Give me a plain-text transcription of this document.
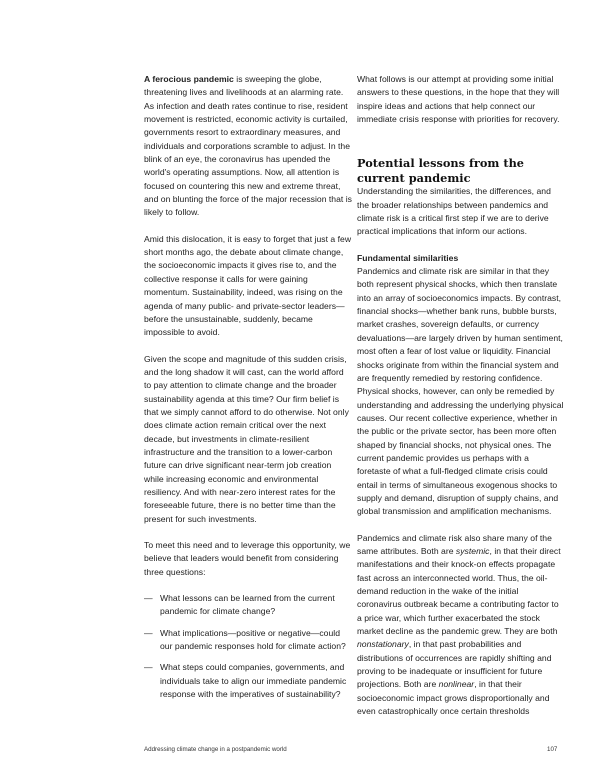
A ferocious pandemic is sweeping the globe, threatening lives and livelihoods at an alarming rate. As infection and death rates continue to rise, resident movement is restricted, economic activity is curtailed, governments resort to extraordinary measures, and individuals and corporations scramble to adjust. In the blink of an eye, the coronavirus has upended the world's operating assumptions. Now, all attention is focused on countering this new and extreme threat, and on blunting the force of the major recession that is likely to follow.

Amid this dislocation, it is easy to forget that just a few short months ago, the debate about climate change, the socioeconomic impacts it gives rise to, and the collective response it calls for were gaining momentum. Sustainability, indeed, was rising on the agenda of many public- and private-sector leaders—before the unsustainable, suddenly, became impossible to avoid.

Given the scope and magnitude of this sudden crisis, and the long shadow it will cast, can the world afford to pay attention to climate change and the broader sustainability agenda at this time? Our firm belief is that we simply cannot afford to do otherwise. Not only does climate action remain critical over the next decade, but investments in climate-resilient infrastructure and the transition to a lower-carbon future can drive significant near-term job creation while increasing economic and environmental resiliency. And with near-zero interest rates for the foreseeable future, there is no better time than the present for such investments.

To meet this need and to leverage this opportunity, we believe that leaders would benefit from considering three questions:

— What lessons can be learned from the current pandemic for climate change?
— What implications—positive or negative—could our pandemic responses hold for climate action?
— What steps could companies, governments, and individuals take to align our immediate pandemic response with the imperatives of sustainability?

What follows is our attempt at providing some initial answers to these questions, in the hope that they will inspire ideas and actions that help connect our immediate crisis response with priorities for recovery.

Potential lessons from the current pandemic

Understanding the similarities, the differences, and the broader relationships between pandemics and climate risk is a critical first step if we are to derive practical implications that inform our actions.

Fundamental similarities

Pandemics and climate risk are similar in that they both represent physical shocks, which then translate into an array of socioeconomics impacts. By contrast, financial shocks—whether bank runs, bubble bursts, market crashes, sovereign defaults, or currency devaluations—are largely driven by human sentiment, most often a fear of lost value or liquidity. Financial shocks originate from within the financial system and are frequently remedied by restoring confidence. Physical shocks, however, can only be remedied by understanding and addressing the underlying physical causes. Our recent collective experience, whether in the public or the private sector, has been more often shaped by financial shocks, not physical ones. The current pandemic provides us perhaps with a foretaste of what a full-fledged climate crisis could entail in terms of simultaneous exogenous shocks to supply and demand, disruption of supply chains, and global transmission and amplification mechanisms.

Pandemics and climate risk also share many of the same attributes. Both are systemic, in that their direct manifestations and their knock-on effects propagate fast across an interconnected world. Thus, the oil-demand reduction in the wake of the initial coronavirus outbreak became a contributing factor to a price war, which further exacerbated the stock market decline as the pandemic grew. They are both nonstationary, in that past probabilities and distributions of occurrences are rapidly shifting and proving to be inadequate or insufficient for future projections. Both are nonlinear, in that their socioeconomic impact grows disproportionally and even catastrophically once certain thresholds

Addressing climate change in a postpandemic world	107
